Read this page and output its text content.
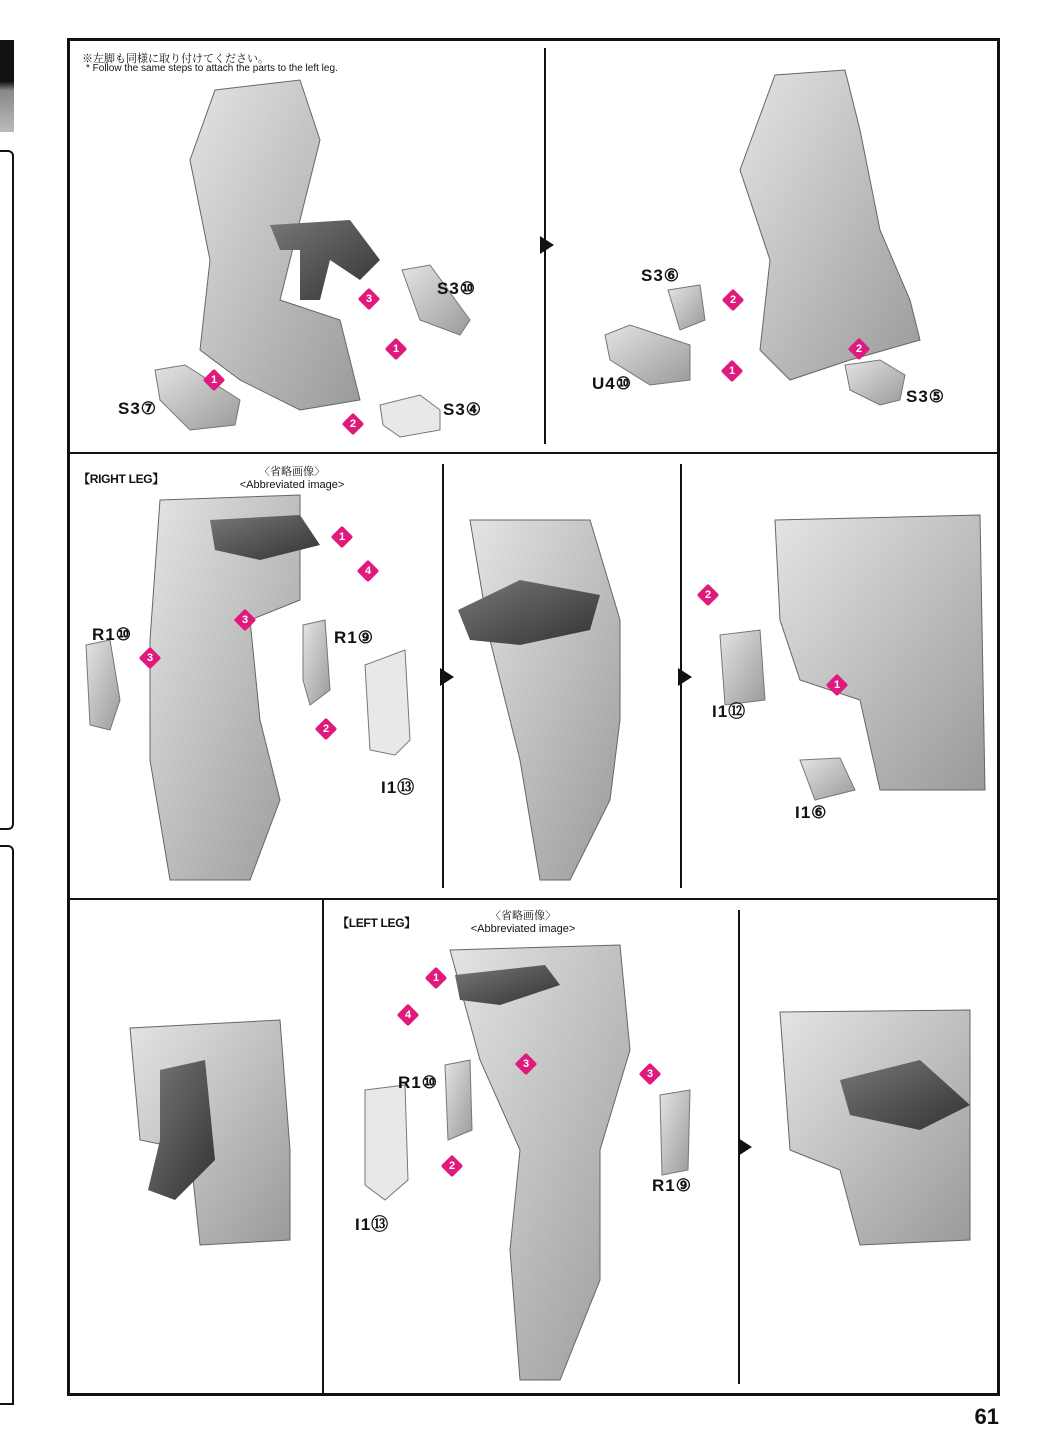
※左脚も同様に取り付けてください。
* Follow the same steps to attach the parts to the left leg.
1
1
2
3	2
1
2
1
4
3
3
2
2
1
1
4
3
3
2
S3⑩
S3⑦	S3④
S3⑥
U4⑩
S3⑤
R1⑩	R1⑨
I1⑬
I1⑫
I1⑥
R1⑩
I1⑬
R1⑨
【RIGHT LEG】	〈省略画像〉
<Abbreviated image>
【LEFT LEG】	〈省略画像〉
<Abbreviated image>
61
